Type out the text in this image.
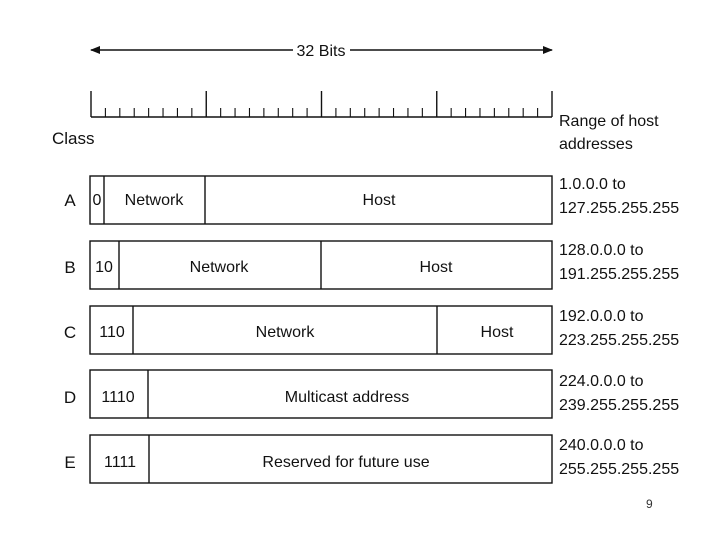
32 Bits
Class
Range of host
addresses
A 0 Network	Host
1.0.0.0 to
127.255.255.255
B 10	Network	Host
128.0.0.0 to
191.255.255.255
C 110	Network	Host
192.0.0.0 to
223.255.255.255
D 1110	Multicast address
224.0.0.0 to
239.255.255.255
E 1111	Reserved for future use
240.0.0.0 to
255.255.255.255
9
